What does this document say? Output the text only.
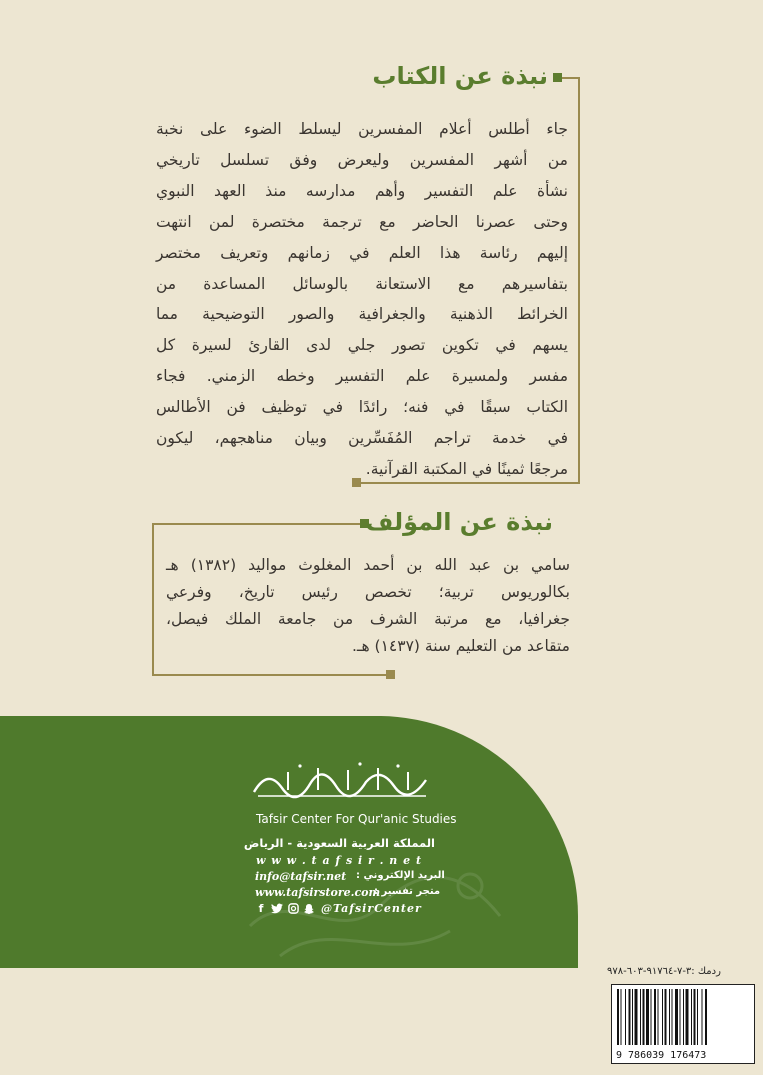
نبذة عن الكتاب
جاء أطلس أعلام المفسرين ليسلط الضوء على نخبة
من أشهر المفسرين وليعرض وفق تسلسل تاريخي
نشأة علم التفسير وأهم مدارسه منذ العهد النبوي
وحتى عصرنا الحاضر مع ترجمة مختصرة لمن انتهت
إليهم رئاسة هذا العلم في زمانهم وتعريف مختصر
بتفاسيرهم مع الاستعانة بالوسائل المساعدة من
الخرائط الذهنية والجغرافية والصور التوضيحية مما
يسهم في تكوين تصور جلي لدى القارئ لسيرة كل
مفسر ولمسيرة علم التفسير وخطه الزمني. فجاء
الكتاب سبقًا في فنه؛ رائدًا في توظيف فن الأطالس
في خدمة تراجم المُفَسِّرين وبيان مناهجهم، ليكون
مرجعًا ثمينًا في المكتبة القرآنية.
نبذة عن المؤلف
سامي بن عبد الله بن أحمد المغلوث مواليد (١٣٨٢) هـ
بكالوريوس تربية؛ تخصص رئيس تاريخ، وفرعي
جغرافيا، مع مرتبة الشرف من جامعة الملك فيصل،
متقاعد من التعليم سنة (١٤٣٧) هـ.
Tafsir Center For Qur'anic Studies
المملكة العربية السعودية - الرياض
w w w . t a f s i r . n e t
info@tafsir.net البريد الإلكتروني :
www.tafsirstore.com
متجر تفسير :
f	@TafsirCenter
ردمك :٣-٧-٩١٧٦٤-٦٠٣-٩٧٨
9 786039 176473
